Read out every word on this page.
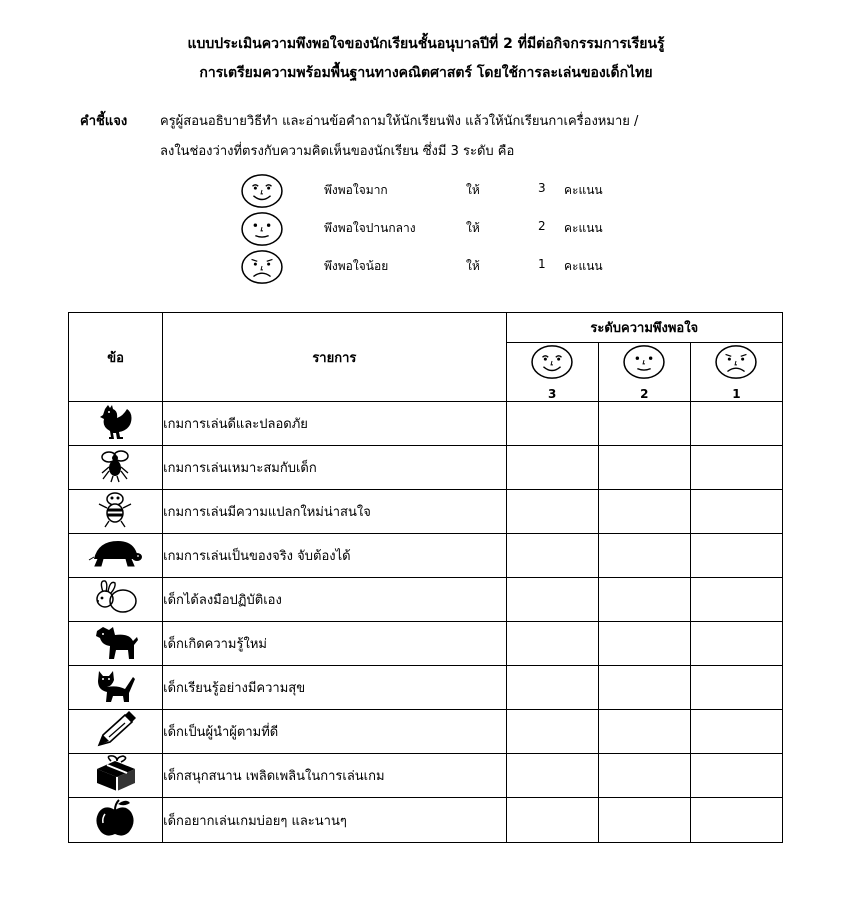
แบบประเมินความพึงพอใจของนักเรียนชั้นอนุบาลปีที่ 2 ที่มีต่อกิจกรรมการเรียนรู้
การเตรียมความพร้อมพื้นฐานทางคณิตศาสตร์ โดยใช้การละเล่นของเด็กไทย
คำชี้แจง	ครูผู้สอนอธิบายวิธีทำ และอ่านข้อคำถามให้นักเรียนฟัง แล้วให้นักเรียนกาเครื่องหมาย /
ลงในช่องว่างที่ตรงกับความคิดเห็นของนักเรียน ซึ่งมี 3 ระดับ คือ
พึงพอใจมาก	ให้	3 คะแนน
พึงพอใจปานกลาง	ให้	2 คะแนน
พึงพอใจน้อย	ให้	1 คะแนน
ข้อ	รายการ	ระดับความพึงพอใจ		

		3	2	1

	เกมการเล่นดีและปลอดภัย			
	เกมการเล่นเหมาะสมกับเด็ก			
	เกมการเล่นมีความแปลกใหม่น่าสนใจ			
	เกมการเล่นเป็นของจริง จับต้องได้			
	เด็กได้ลงมือปฏิบัติเอง			
	เด็กเกิดความรู้ใหม่			
	เด็กเรียนรู้อย่างมีความสุข			
	เด็กเป็นผู้นำผู้ตามที่ดี			
	เด็กสนุกสนาน เพลิดเพลินในการเล่นเกม			
	เด็กอยากเล่นเกมบ่อยๆ และนานๆ			
